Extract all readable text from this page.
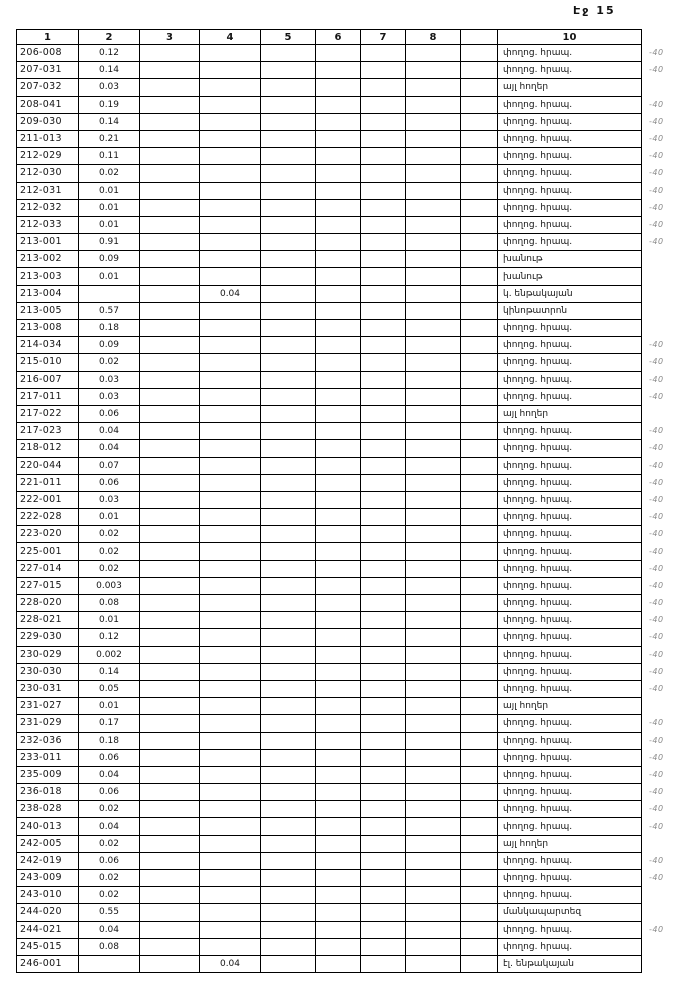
Էջ 15
1	2	3	4	5	6	7	8		10	
206-008	0.12								փողոց. հրապ.	-40
207-031	0.14								փողոց. հրապ.	-40
207-032	0.03								այլ հողեր	
208-041	0.19								փողոց. հրապ.	-40
209-030	0.14								փողոց. հրապ.	-40
211-013	0.21								փողոց. հրապ.	-40
212-029	0.11								փողոց. հրապ.	-40
212-030	0.02								փողոց. հրապ.	-40
212-031	0.01								փողոց. հրապ.	-40
212-032	0.01								փողոց. հրապ.	-40
212-033	0.01								փողոց. հրապ.	-40
213-001	0.91								փողոց. հրապ.	-40
213-002	0.09								խանութ	
213-003	0.01								խանութ	
213-004			0.04						կ. ենթակայան	
213-005	0.57								կինոթատրոն	
213-008	0.18								փողոց. հրապ.	
214-034	0.09								փողոց. հրապ.	-40
215-010	0.02								փողոց. հրապ.	-40
216-007	0.03								փողոց. հրապ.	-40
217-011	0.03								փողոց. հրապ.	-40
217-022	0.06								այլ հողեր	
217-023	0.04								փողոց. հրապ.	-40
218-012	0.04								փողոց. հրապ.	-40
220-044	0.07								փողոց. հրապ.	-40
221-011	0.06								փողոց. հրապ.	-40
222-001	0.03								փողոց. հրապ.	-40
222-028	0.01								փողոց. հրապ.	-40
223-020	0.02								փողոց. հրապ.	-40
225-001	0.02								փողոց. հրապ.	-40
227-014	0.02								փողոց. հրապ.	-40
227-015	0.003								փողոց. հրապ.	-40
228-020	0.08								փողոց. հրապ.	-40
228-021	0.01								փողոց. հրապ.	-40
229-030	0.12								փողոց. հրապ.	-40
230-029	0.002								փողոց. հրապ.	-40
230-030	0.14								փողոց. հրապ.	-40
230-031	0.05								փողոց. հրապ.	-40
231-027	0.01								այլ հողեր	
231-029	0.17								փողոց. հրապ.	-40
232-036	0.18								փողոց. հրապ.	-40
233-011	0.06								փողոց. հրապ.	-40
235-009	0.04								փողոց. հրապ.	-40
236-018	0.06								փողոց. հրապ.	-40
238-028	0.02								փողոց. հրապ.	-40
240-013	0.04								փողոց. հրապ.	-40
242-005	0.02								այլ հողեր	
242-019	0.06								փողոց. հրապ.	-40
243-009	0.02								փողոց. հրապ.	-40
243-010	0.02								փողոց. հրապ.	
244-020	0.55								մանկապարտեզ	
244-021	0.04								փողոց. հրապ.	-40
245-015	0.08								փողոց. հրապ.	
246-001			0.04						էլ. ենթակայան	
